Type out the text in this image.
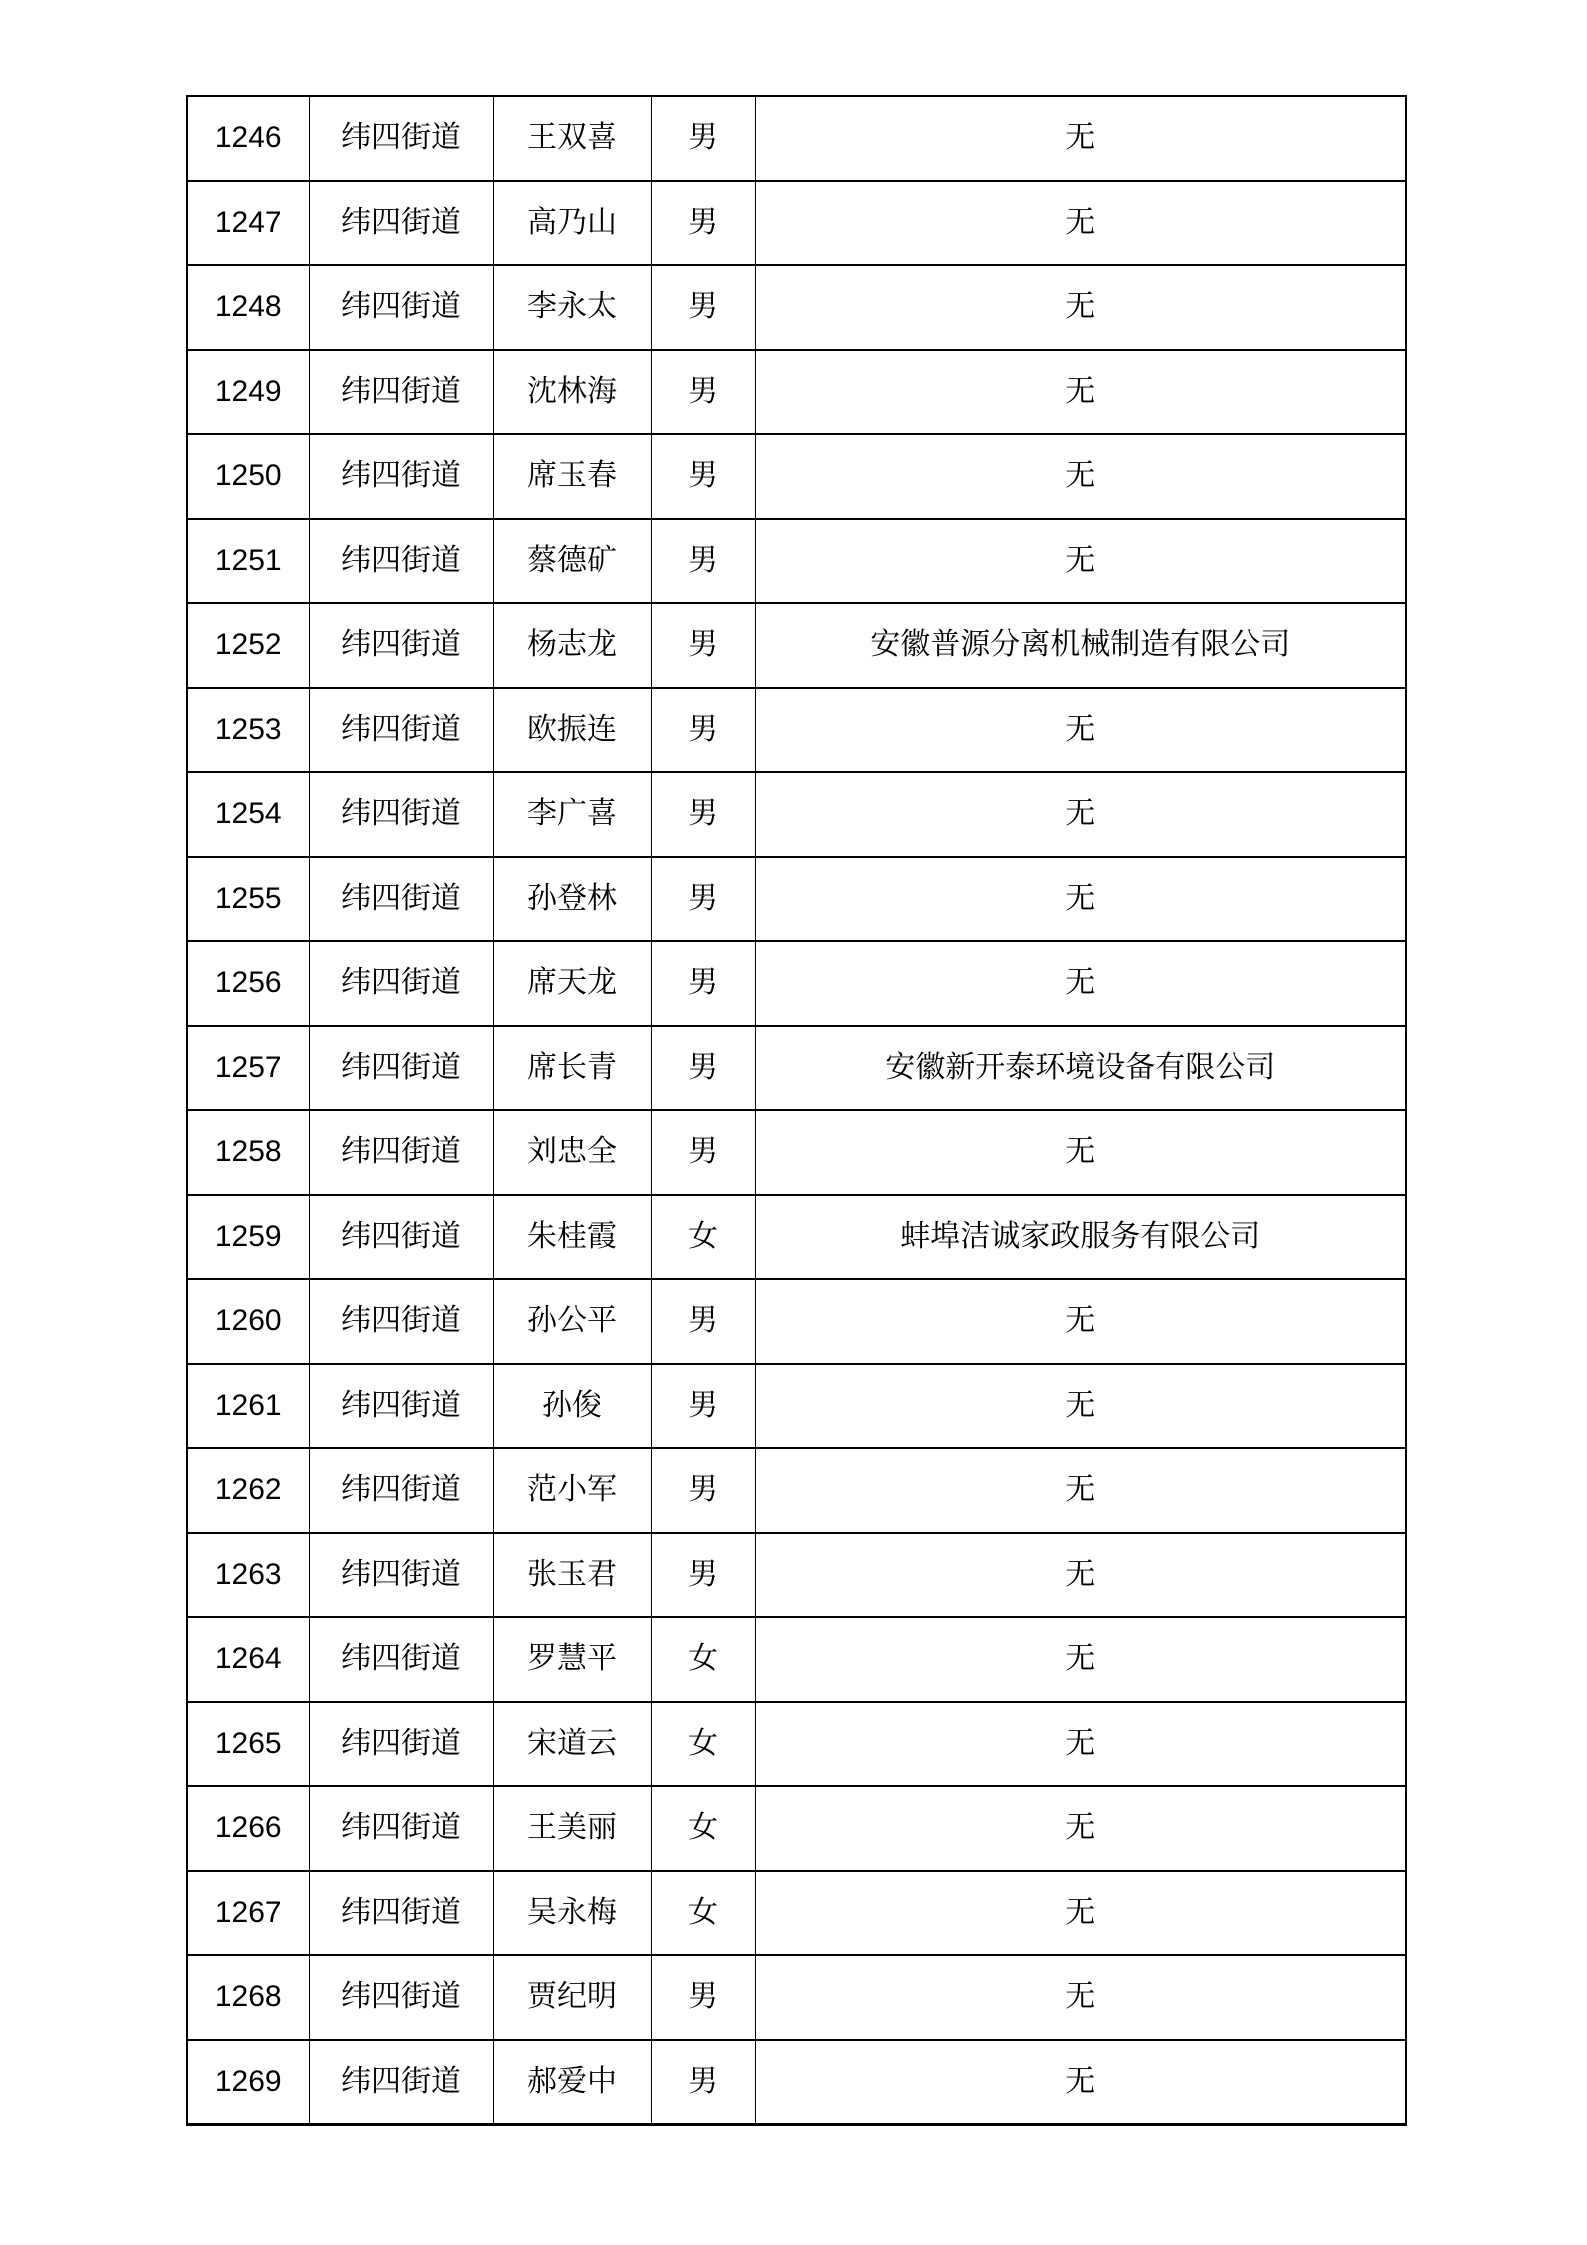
1246	纬四街道	王双喜	男	无
1247	纬四街道	高乃山	男	无
1248	纬四街道	李永太	男	无
1249	纬四街道	沈林海	男	无
1250	纬四街道	席玉春	男	无
1251	纬四街道	蔡德矿	男	无
1252	纬四街道	杨志龙	男	安徽普源分离机械制造有限公司
1253	纬四街道	欧振连	男	无
1254	纬四街道	李广喜	男	无
1255	纬四街道	孙登林	男	无
1256	纬四街道	席天龙	男	无
1257	纬四街道	席长青	男	安徽新开泰环境设备有限公司
1258	纬四街道	刘忠全	男	无
1259	纬四街道	朱桂霞	女	蚌埠洁诚家政服务有限公司
1260	纬四街道	孙公平	男	无
1261	纬四街道	孙俊	男	无
1262	纬四街道	范小军	男	无
1263	纬四街道	张玉君	男	无
1264	纬四街道	罗慧平	女	无
1265	纬四街道	宋道云	女	无
1266	纬四街道	王美丽	女	无
1267	纬四街道	吴永梅	女	无
1268	纬四街道	贾纪明	男	无
1269	纬四街道	郝爱中	男	无
